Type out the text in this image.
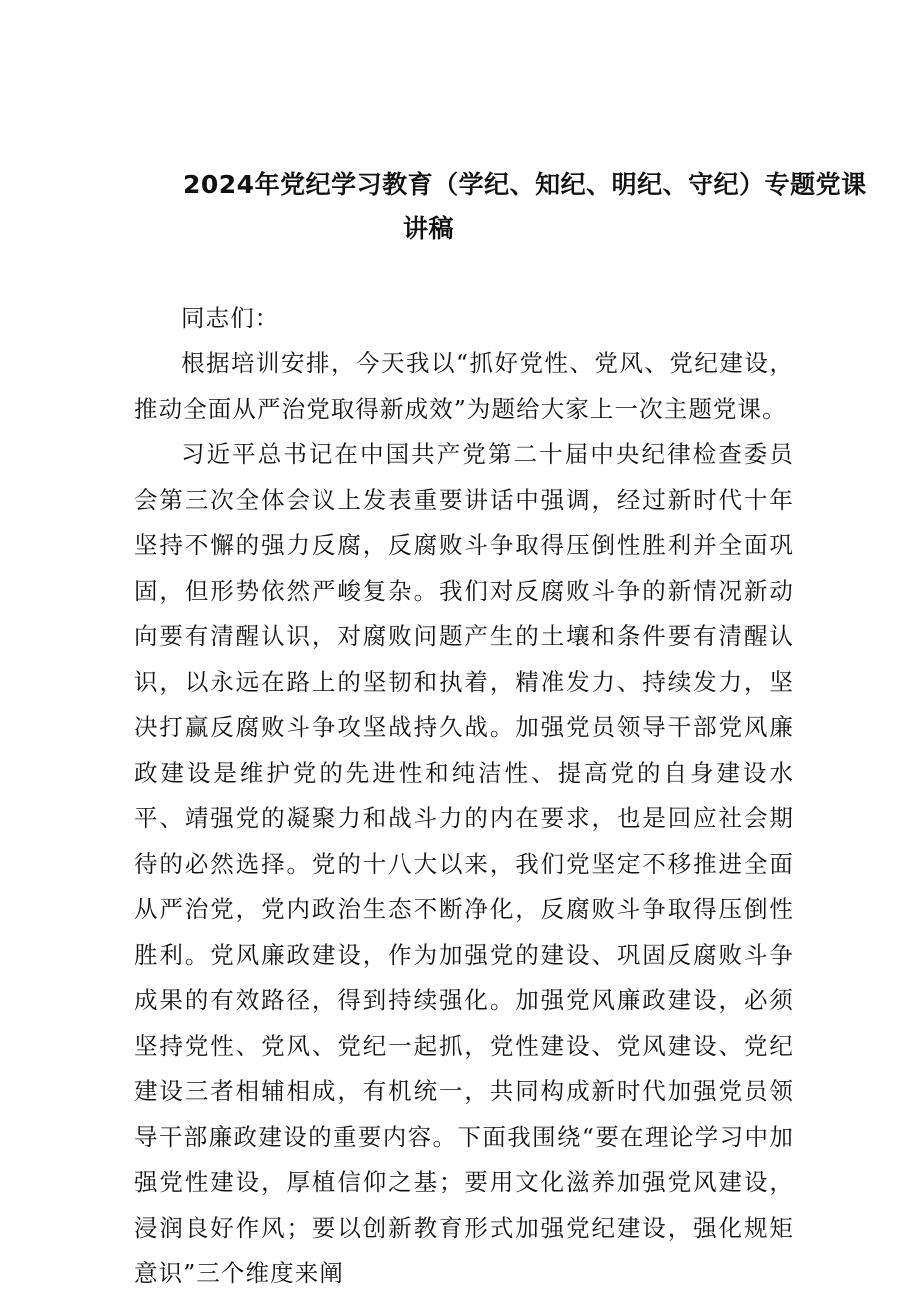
2024年党纪学习教育（学纪、知纪、明纪、守纪）专题党课
讲稿

同志们：

根据培训安排，今天我以“抓好党性、党风、党纪建设，推动全面从严治党取得新成效”为题给大家上一次主题党课。

习近平总书记在中国共产党第二十届中央纪律检查委员会第三次全体会议上发表重要讲话中强调，经过新时代十年坚持不懈的强力反腐，反腐败斗争取得压倒性胜利并全面巩固，但形势依然严峻复杂。我们对反腐败斗争的新情况新动向要有清醒认识，对腐败问题产生的土壤和条件要有清醒认识，以永远在路上的坚韧和执着，精准发力、持续发力，坚决打赢反腐败斗争攻坚战持久战。加强党员领导干部党风廉政建设是维护党的先进性和纯洁性、提高党的自身建设水平、靖强党的凝聚力和战斗力的内在要求，也是回应社会期待的必然选择。党的十八大以来，我们党坚定不移推进全面从严治党，党内政治生态不断净化，反腐败斗争取得压倒性胜利。党风廉政建设，作为加强党的建设、巩固反腐败斗争成果的有效路径，得到持续强化。加强党风廉政建设，必须坚持党性、党风、党纪一起抓，党性建设、党风建设、党纪建设三者相辅相成，有机统一，共同构成新时代加强党员领导干部廉政建设的重要内容。下面我围绕“要在理论学习中加强党性建设，厚植信仰之基；要用文化滋养加强党风建设，浸润良好作风；要以创新教育形式加强党纪建设，强化规矩意识”三个维度来阐
